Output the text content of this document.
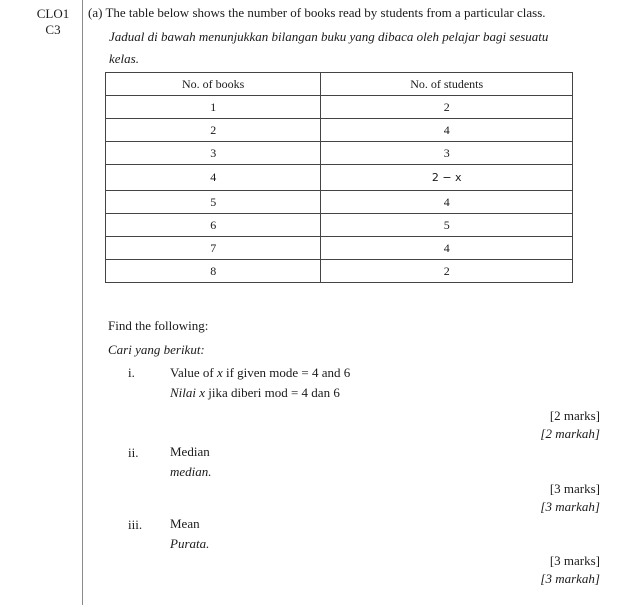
CLO1
C3
(a) The table below shows the number of books read by students from a particular class.
Jadual di bawah menunjukkan bilangan buku yang dibaca oleh pelajar bagi sesuatu
kelas.
No. of books	No. of students
1	2
2	4
3	3
4	2 − x
5	4
6	5
7	4
8	2
Find the following:
Cari yang berikut:
i.	Value of x if given mode = 4 and 6
Nilai x jika diberi mod = 4 dan 6
[2 marks]
[2 markah]
ii. Median
median.
[3 marks]
[3 markah]
iii. Mean
Purata.
[3 marks]
[3 markah]
